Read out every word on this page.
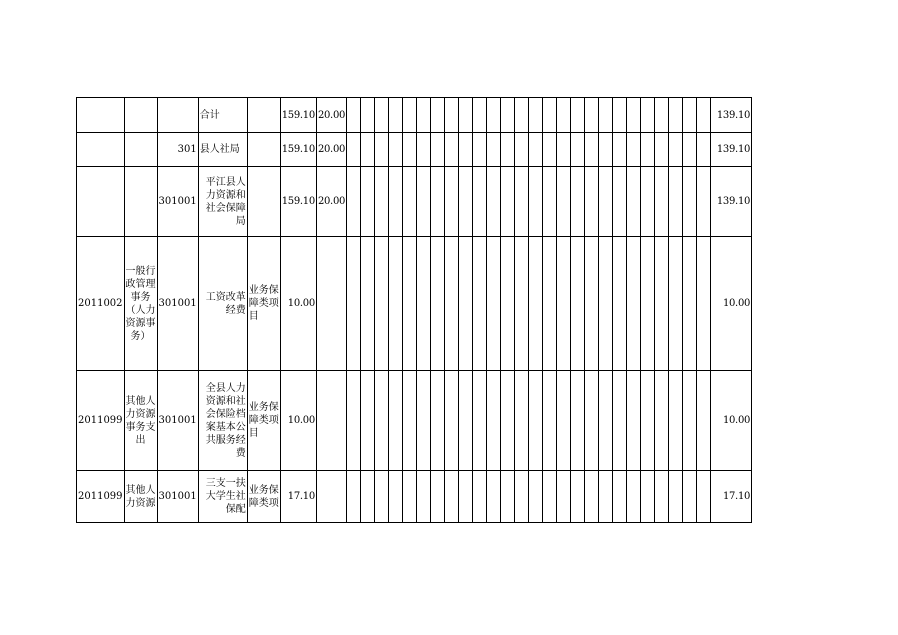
			合计		159.10	20.00																											139.10
		301	县人社局		159.10	20.00																											139.10
		301001	平江县人力资源和社会保障局		159.10	20.00																											139.10
2011002	一般行政管理事务（人力资源事务）	301001	工资改革经费	业务保障类项目	10.00																												10.00
2011099	其他人力资源事务支出	301001	全县人力资源和社会保险档案基本公共服务经费	业务保障类项目	10.00																												10.00
2011099	其他人力资源	301001	三支一扶大学生社保配	业务保障类项	17.10																												17.10
